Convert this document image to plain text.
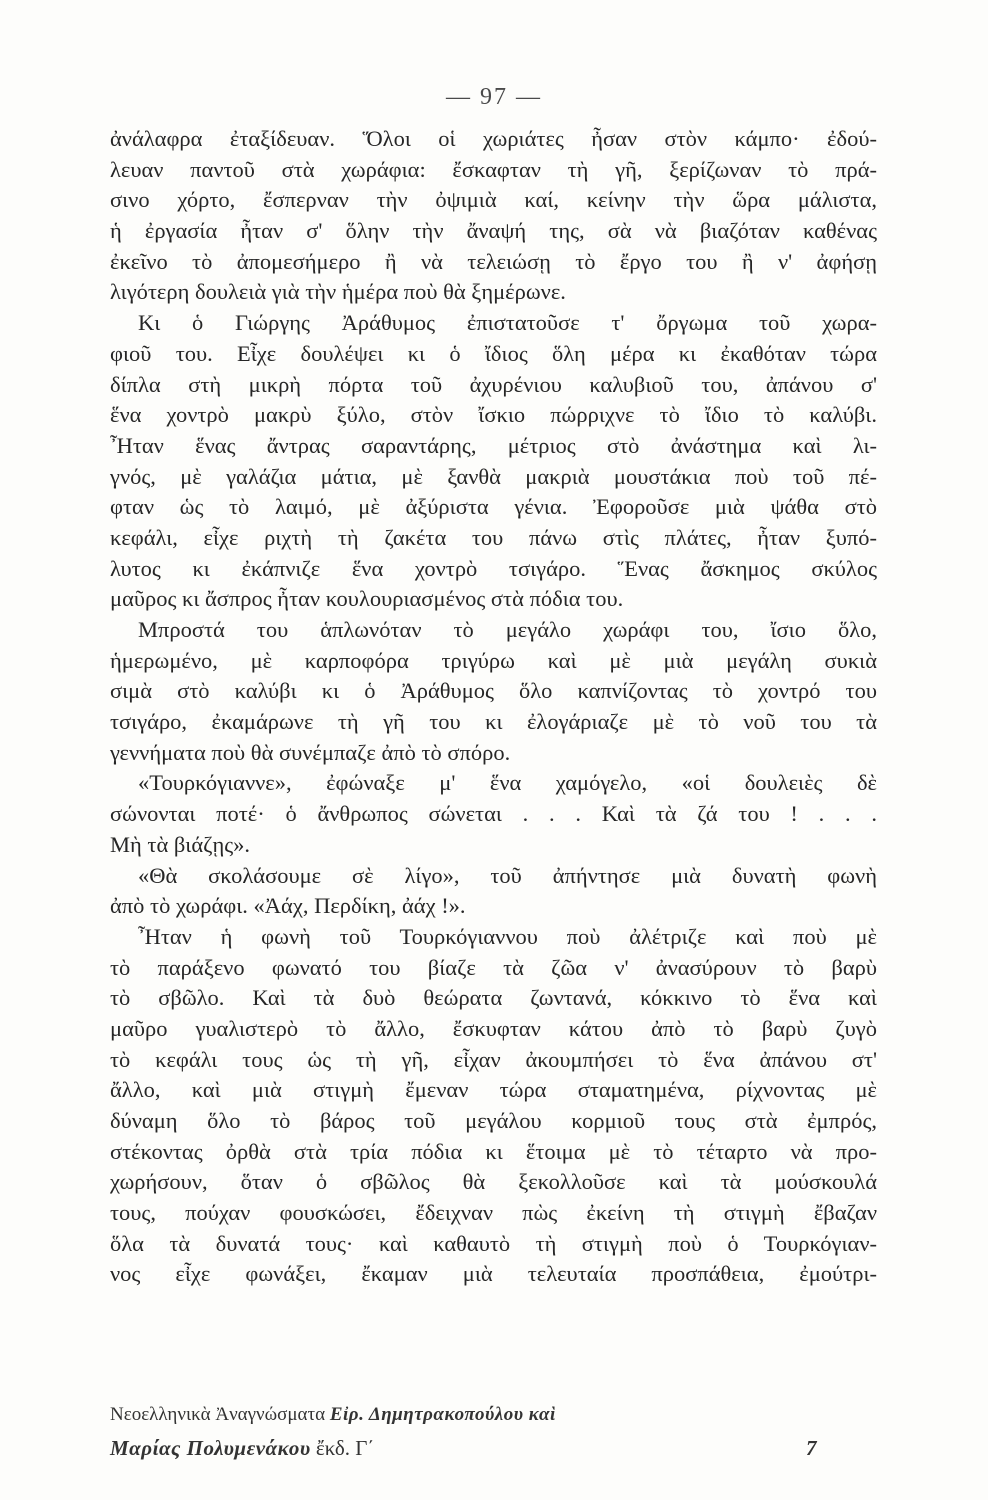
— 97 —
ἀνάλαφρα ἐταξίδευαν. Ὅλοι οἱ χωριάτες ἦσαν στὸν κάμπο· ἐδού-
λευαν παντοῦ στὰ χωράφια: ἔσκαφταν τὴ γῆ, ξερίζωναν τὸ πρά-
σινο χόρτο, ἔσπερναν τὴν ὀψιμιὰ καί, κείνην τὴν ὥρα μάλιστα,
ἡ ἐργασία ἦταν σ' ὅλην τὴν ἄναψή της, σὰ νὰ βιαζόταν καθένας
ἐκεῖνο τὸ ἀπομεσήμερο ἢ νὰ τελειώσῃ τὸ ἔργο του ἢ ν' ἀφήσῃ
λιγότερη δουλειὰ γιὰ τὴν ἡμέρα ποὺ θὰ ξημέρωνε.
Κι ὁ Γιώργης Ἀράθυμος ἐπιστατοῦσε τ' ὄργωμα τοῦ χωρα-
φιοῦ του. Εἶχε δουλέψει κι ὁ ἴδιος ὅλη μέρα κι ἐκαθόταν τώρα
δίπλα στὴ μικρὴ πόρτα τοῦ ἀχυρένιου καλυβιοῦ του, ἀπάνου σ'
ἕνα χοντρὸ μακρὺ ξύλο, στὸν ἴσκιο πώρριχνε τὸ ἴδιο τὸ καλύβι.
Ἦταν ἕνας ἄντρας σαραντάρης, μέτριος στὸ ἀνάστημα καὶ λι-
γνός, μὲ γαλάζια μάτια, μὲ ξανθὰ μακριὰ μουστάκια ποὺ τοῦ πέ-
φταν ὡς τὸ λαιμό, μὲ ἀξύριστα γένια. Ἐφοροῦσε μιὰ ψάθα στὸ
κεφάλι, εἶχε ριχτὴ τὴ ζακέτα του πάνω στὶς πλάτες, ἦταν ξυπό-
λυτος κι ἐκάπνιζε ἕνα χοντρὸ τσιγάρο. Ἕνας ἄσκημος σκύλος
μαῦρος κι ἄσπρος ἦταν κουλουριασμένος στὰ πόδια του.
Μπροστά του ἁπλωνόταν τὸ μεγάλο χωράφι του, ἴσιο ὅλο,
ἡμερωμένο, μὲ καρποφόρα τριγύρω καὶ μὲ μιὰ μεγάλη συκιὰ
σιμὰ στὸ καλύβι κι ὁ Ἀράθυμος ὅλο καπνίζοντας τὸ χοντρό του
τσιγάρο, ἐκαμάρωνε τὴ γῆ του κι ἐλογάριαζε μὲ τὸ νοῦ του τὰ
γεννήματα ποὺ θὰ συνέμπαζε ἀπὸ τὸ σπόρο.
«Τουρκόγιαννε», ἐφώναξε μ' ἕνα χαμόγελο, «οἱ δουλειὲς δὲ
σώνονται ποτέ· ὁ ἄνθρωπος σώνεται . . . Καὶ τὰ ζά του ! . . .
Μὴ τὰ βιάζῃς».
«Θὰ σκολάσουμε σὲ λίγο», τοῦ ἀπήντησε μιὰ δυνατὴ φωνὴ
ἀπὸ τὸ χωράφι. «Ἀάχ, Περδίκη, ἀάχ !».
Ἦταν ἡ φωνὴ τοῦ Τουρκόγιαννου ποὺ ἀλέτριζε καὶ ποὺ μὲ
τὸ παράξενο φωνατό του βίαζε τὰ ζῶα ν' ἀνασύρουν τὸ βαρὺ
τὸ σβῶλο. Καὶ τὰ δυὸ θεώρατα ζωντανά, κόκκινο τὸ ἕνα καὶ
μαῦρο γυαλιστερὸ τὸ ἄλλο, ἔσκυφταν κάτου ἀπὸ τὸ βαρὺ ζυγὸ
τὸ κεφάλι τους ὡς τὴ γῆ, εἶχαν ἀκουμπήσει τὸ ἕνα ἀπάνου στ'
ἄλλο, καὶ μιὰ στιγμὴ ἔμεναν τώρα σταματημένα, ρίχνοντας μὲ
δύναμη ὅλο τὸ βάρος τοῦ μεγάλου κορμιοῦ τους στὰ ἐμπρός,
στέκοντας ὀρθὰ στὰ τρία πόδια κι ἕτοιμα μὲ τὸ τέταρτο νὰ προ-
χωρήσουν, ὅταν ὁ σβῶλος θὰ ξεκολλοῦσε καὶ τὰ μούσκουλά
τους, πούχαν φουσκώσει, ἔδειχναν πὼς ἐκείνη τὴ στιγμὴ ἔβαζαν
ὅλα τὰ δυνατά τους· καὶ καθαυτὸ τὴ στιγμὴ ποὺ ὁ Τουρκόγιαν-
νος εἶχε φωνάξει, ἔκαμαν μιὰ τελευταία προσπάθεια, ἐμούτρι-
Νεοελληνικὰ Ἀναγνώσματα Εἰρ. Δημητρακοπούλου καὶ
Μαρίας Πολυμενάκου ἔκδ. Γ΄	7
